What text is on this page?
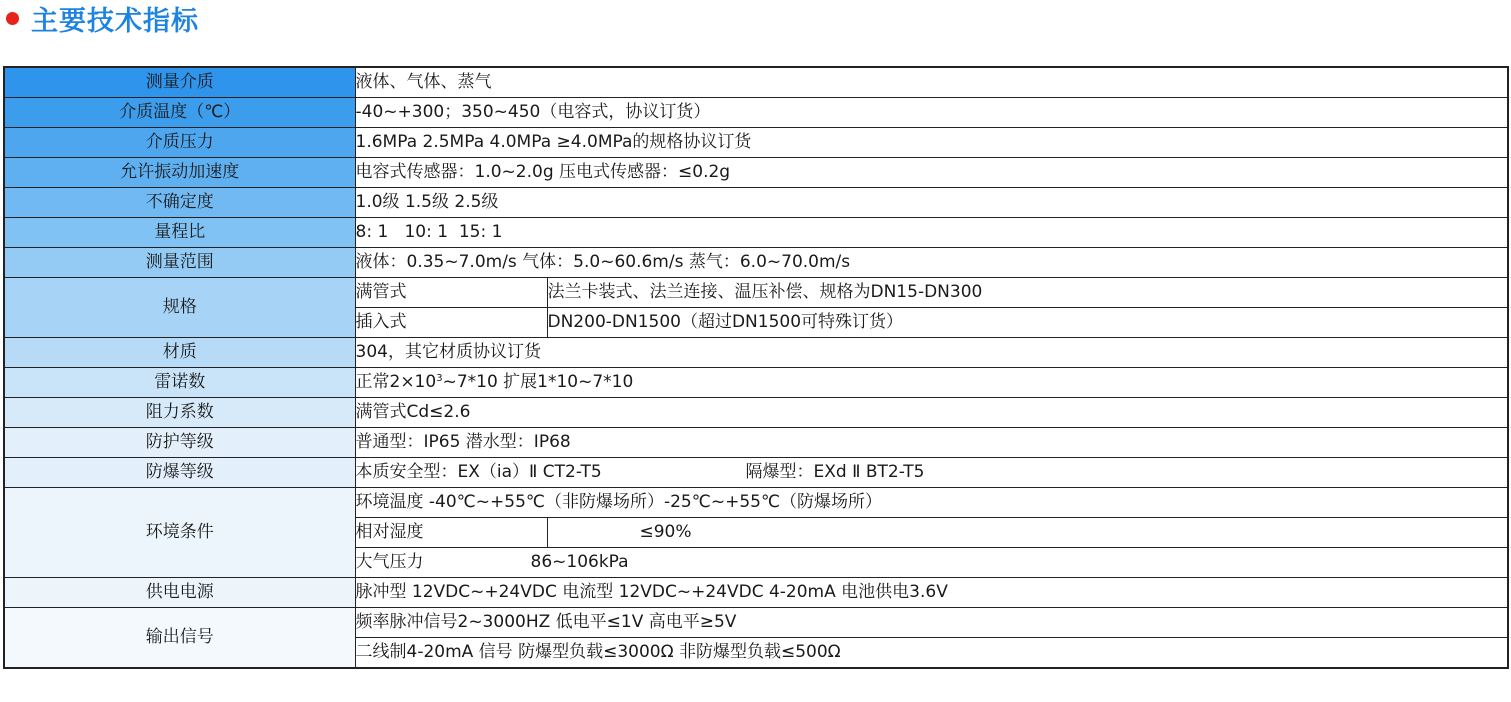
主要技术指标
测量介质	液体、气体、蒸气	
介质温度（℃）	-40~+300；350~450（电容式，协议订货）	
介质压力	1.6MPa 2.5MPa 4.0MPa ≥4.0MPa的规格协议订货	
允许振动加速度	电容式传感器：1.0~2.0g 压电式传感器：≤0.2g	
不确定度	1.0级 1.5级 2.5级	
量程比	8: 1   10: 1  15: 1	
测量范围	液体：0.35~7.0m/s 气体：5.0~60.6m/s 蒸气：6.0~70.0m/s	
规格	满管式	法兰卡装式、法兰连接、温压补偿、规格为DN15-DN300
	插入式	DN200-DN1500（超过DN1500可特殊订货）
材质	304，其它材质协议订货	
雷诺数	正常$2\times 10^3\sim 7*10$ 扩展1*10~7*10	
阻力系数	满管式Cd≤2.6	
防护等级	普通型：IP65 潜水型：IP68	
防爆等级	本质安全型：EX（ia）Ⅱ CT2-T5 隔爆型：EXd Ⅱ BT2-T5	
环境条件	环境温度 -40℃~+55℃（非防爆场所）-25℃~+55℃（防爆场所）	
	相对湿度	≤90%
	大气压力 86~106kPa	
供电电源	脉冲型 12VDC~+24VDC 电流型 12VDC~+24VDC 4-20mA 电池供电3.6V	
输出信号	频率脉冲信号2~3000HZ 低电平≤1V 高电平≥5V	
	二线制4-20mA 信号 防爆型负载≤3000Ω 非防爆型负载≤500Ω	
